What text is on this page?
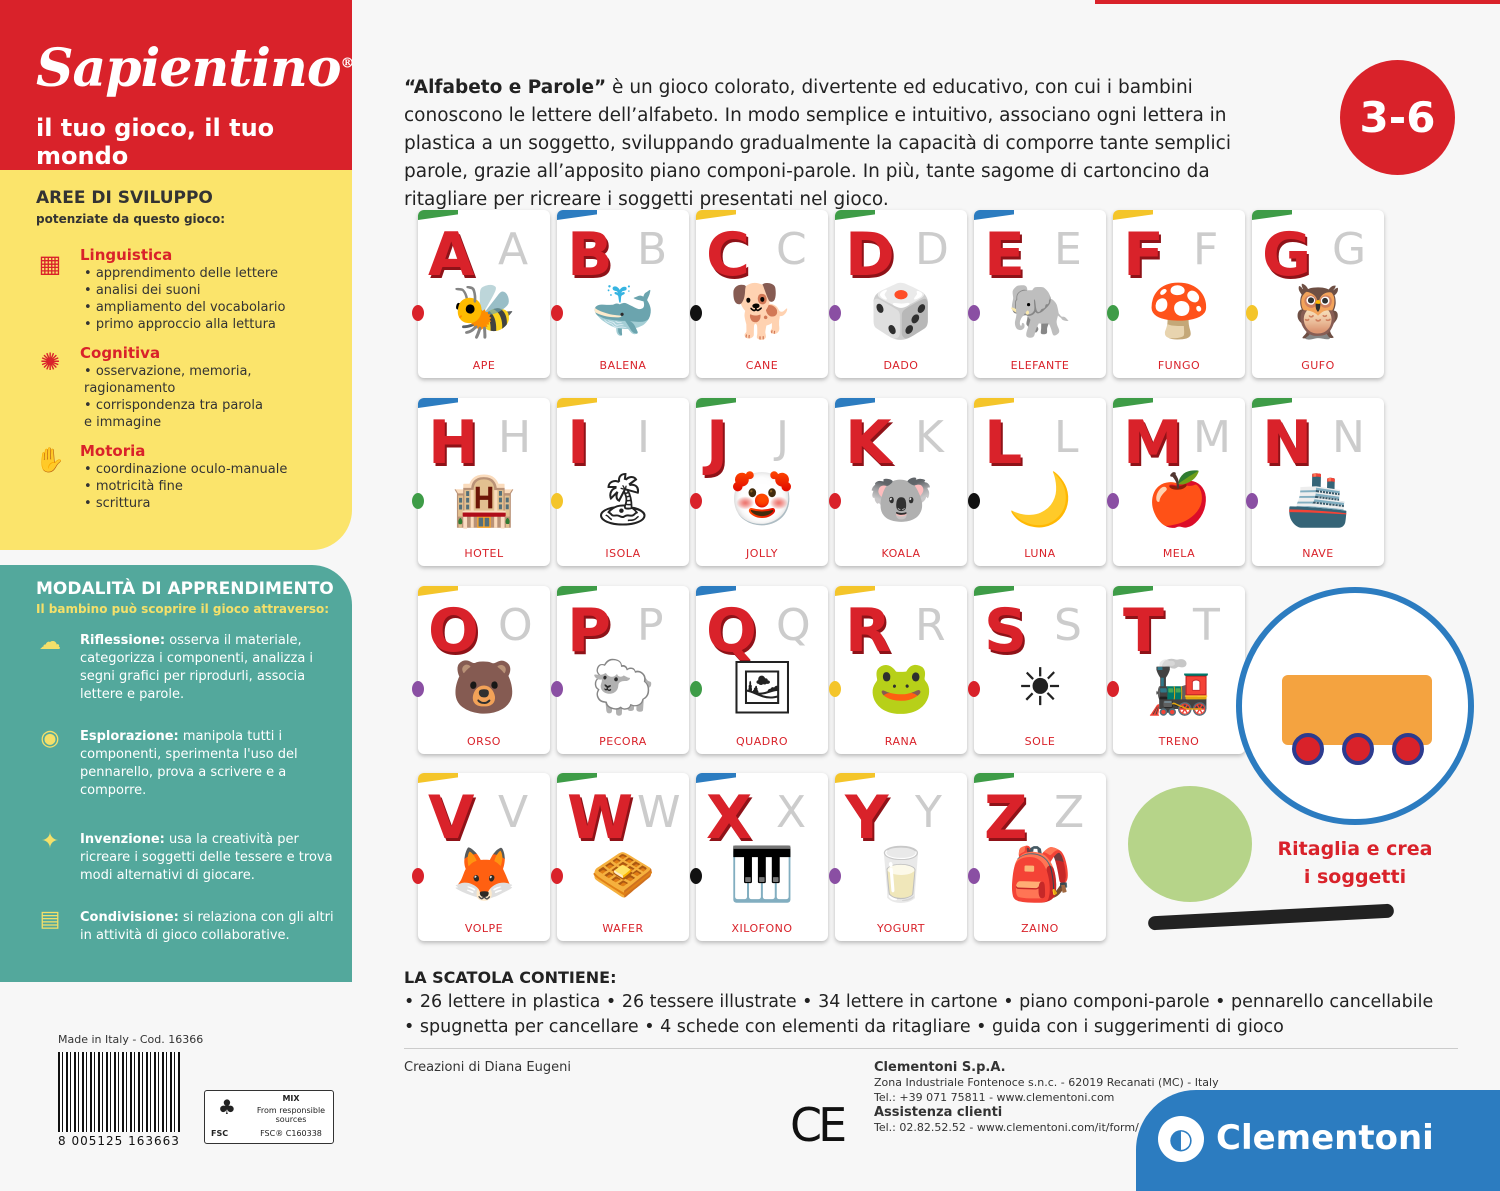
Sapientino®
il tuo gioco, il tuo mondo
AREE DI SVILUPPO
potenziate da questo gioco:
▦	Linguistica
• apprendimento delle lettere
• analisi dei suoni
• ampliamento del vocabolario
• primo approccio alla lettura
✺	Cognitiva
• osservazione, memoria, ragionamento
• corrispondenza tra parola e immagine
✋ Motoria
• coordinazione oculo-manuale
• motricità fine
• scrittura
MODALITÀ DI APPRENDIMENTO
Il bambino può scoprire il gioco attraverso:
☁	Riflessione: osserva il materiale, categorizza i componenti, analizza i segni grafici per riprodurli, associa lettere e parole.
◉	Esplorazione: manipola tutti i componenti, sperimenta l'uso del pennarello, prova a scrivere e a comporre.
✦	Invenzione: usa la creatività per ricreare i soggetti delle tessere e trova modi alternativi di giocare.
▤	Condivisione: si relaziona con gli altri in attività di gioco collaborative.
“Alfabeto e Parole” è un gioco colorato, divertente ed educativo, con cui i bambini conoscono le lettere dell’alfabeto. In modo semplice e intuitivo, associano ogni lettera in plastica a un soggetto, sviluppando gradualmente la capacità di comporre tante semplici parole, grazie all’apposito piano componi-parole. In più, tante sagome di cartoncino da ritagliare per ricreare i soggetti presentati nel gioco.
3-6
A A
🐝
APE
B B
🐳
BALENA
C C
🐕
CANE
D D
🎲
DADO
E E
🐘
ELEFANTE
F F
🍄
FUNGO
G G
🦉
GUFO
H H
🏨
HOTEL
I I
🏝
ISOLA
J J
🤡
JOLLY
K K
🐨
KOALA
L L
🌙
LUNA
M M
🍎
MELA
N N
🚢
NAVE
O O
🐻
ORSO
P P
🐑
PECORA
Q Q
🖼
QUADRO
R R
🐸
RANA
S S
☀
SOLE
T T
🚂
TRENO
V V
🦊
VOLPE
W W
🧇
WAFER
X X
🎹
XILOFONO
Y Y
🥛
YOGURT
Z Z
🎒
ZAINO
Ritaglia e crea
i soggetti
LA SCATOLA CONTIENE:
• 26 lettere in plastica • 26 tessere illustrate • 34 lettere in cartone • piano componi-parole • pennarello cancellabile
• spugnetta per cancellare • 4 schede con elementi da ritagliare • guida con i suggerimenti di gioco
Creazioni di Diana Eugeni	Clementoni S.p.A.
Zona Industriale Fontenoce s.n.c. - 62019 Recanati (MC) - Italy
Tel.: +39 071 75811 - www.clementoni.com
Assistenza clienti
Tel.: 02.82.52.52 - www.clementoni.com/it/form/
CE	◐ Clementoni
Made in Italy - Cod. 16366
8 005125 163663
♣
FSC
MIX
From responsible sources
FSC® C160338
